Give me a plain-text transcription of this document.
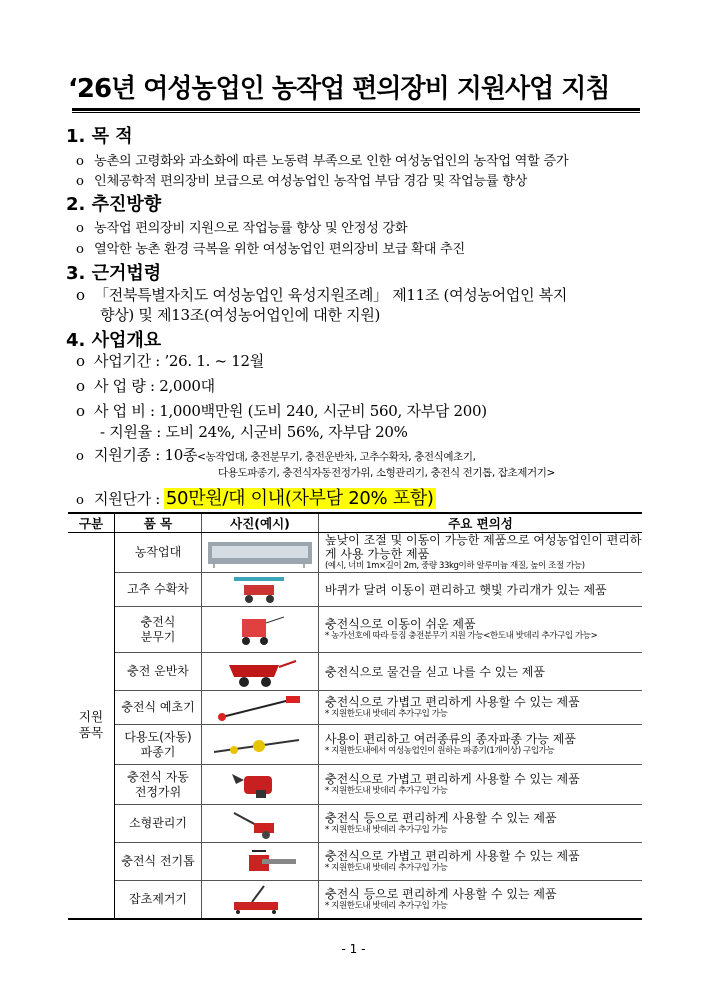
‘26년 여성농업인 농작업 편의장비 지원사업 지침
1. 목 적
o 농촌의 고령화와 과소화에 따른 노동력 부족으로 인한 여성농업인의 농작업 역할 증가
o 인체공학적 편의장비 보급으로 여성농업인 농작업 부담 경감 및 작업능률 향상
2. 추진방향
o 농작업 편의장비 지원으로 작업능률 향상 및 안정성 강화
o 열악한 농촌 환경 극복을 위한 여성농업인 편의장비 보급 확대 추진
3. 근거법령
o 「전북특별자치도 여성농업인 육성지원조례」 제11조 (여성농어업인 복지
향상) 및 제13조(여성농어업인에 대한 지원)
4. 사업개요
o 사업기간 : ’26. 1. ~ 12월
o 사 업 량 : 2,000대
o 사 업 비 : 1,000백만원 (도비 240, 시군비 560, 자부담 200)
- 지원율 : 도비 24%, 시군비 56%, 자부담 20%
o 지원기종 : 10종<농작업대, 충전분무기, 충전운반차, 고추수확차, 충전식예초기,
다용도파종기, 충전식자동전정가위, 소형관리기, 충전식 전기톱, 잡초제거기>
o 지원단가 : 50만원/대 이내(자부담 20% 포함)
구분	품 목	사진(예시)	주요 편의성
지원
품목	농작업대		높낮이 조절 및 이동이 가능한 제품으로 여성농업인이 편리하게 사용 가능한 제품
(예시, 너비 1m×길이 2m, 중량 33kg이하 알루미늄 재질, 높이 조절 가능)

	고추 수확차		바퀴가 달려 이동이 편리하고 햇빛 가리개가 있는 제품

	충전식
분무기		충전식으로 이동이 쉬운 제품
* 농가선호에 따라 등짐 충전분무기 지원 가능<한도내 밧데리 추가구입 가능>

	충전 운반차		충전식으로 물건을 싣고 나를 수 있는 제품

	충전식 예초기		충전식으로 가볍고 편리하게 사용할 수 있는 제품
* 지원한도내 밧데리 추가구입 가능

	다용도(자동)
파종기		사용이 편리하고 여러종류의 종자파종 가능 제품
* 지원한도내에서 여성농업인이 원하는 파종기(1개이상) 구입가능

	충전식 자동
전정가위		충전식으로 가볍고 편리하게 사용할 수 있는 제품
* 지원한도내 밧데리 추가구입 가능

	소형관리기		충전식 등으로 편리하게 사용할 수 있는 제품
* 지원한도내 밧데리 추가구입 가능

	충전식 전기톱		충전식으로 가볍고 편리하게 사용할 수 있는 제품
* 지원한도내 밧데리 추가구입 가능

	잡초제거기		충전식 등으로 편리하게 사용할 수 있는 제품
* 지원한도내 밧데리 추가구입 가능
- 1 -
